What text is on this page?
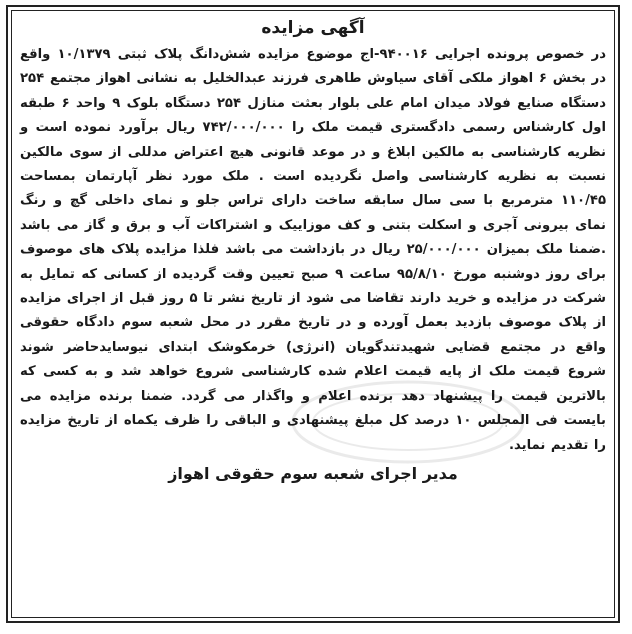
آگهی مزایده

در خصوص پرونده اجرایی ۹۴۰۰۱۶-اج موضوع مزایده شش‌دانگ پلاک ثبتی ۱۰/۱۳۷۹ واقع در بخش ۶ اهواز ملکی آقای سیاوش طاهری فرزند عبدالخلیل به نشانی اهواز مجتمع ۲۵۴ دستگاه صنایع فولاد میدان امام علی بلوار بعثت منازل ۲۵۴ دستگاه بلوک ۹ واحد ۶ طبقه اول کارشناس رسمی دادگستری قیمت ملک را ۷۴۲/۰۰۰/۰۰۰ ریال برآورد نموده است و نظریه کارشناسی به مالکین ابلاغ و در موعد قانونی هیچ اعتراض مدللی از سوی مالکین نسبت به نظریه کارشناسی واصل نگردیده است . ملک مورد نظر آپارتمان بمساحت ۱۱۰/۴۵ مترمربع با سی سال سابقه ساخت دارای تراس جلو و نمای داخلی گچ و رنگ نمای بیرونی آجری و اسکلت بتنی و کف موزاییک و اشتراکات آب و برق و گاز می باشد .ضمنا ملک بمیزان ۲۵/۰۰۰/۰۰۰ ریال در بازداشت می باشد فلذا مزایده پلاک های موصوف برای روز دوشنبه مورخ ۹۵/۸/۱۰ ساعت ۹ صبح تعیین وقت گردیده از کسانی که تمایل به شرکت در مزایده و خرید دارند تقاضا می شود از تاریخ نشر تا ۵ روز قبل از اجرای مزایده از پلاک موصوف بازدید بعمل آورده و در تاریخ مقرر در محل شعبه سوم دادگاه حقوقی واقع در مجتمع قضایی شهیدتندگویان (انرژی) خرمکوشک ابتدای نیوسایدحاضر شوند شروع قیمت ملک از پایه قیمت اعلام شده کارشناسی شروع خواهد شد و به کسی که بالاترین قیمت را پیشنهاد دهد برنده اعلام و واگذار می گردد. ضمنا برنده مزایده می بایست فی المجلس ۱۰ درصد کل مبلغ پیشنهادی و الباقی را ظرف یکماه از تاریخ مزایده را تقدیم نماید.

مدیر اجرای شعبه سوم حقوقی اهواز
